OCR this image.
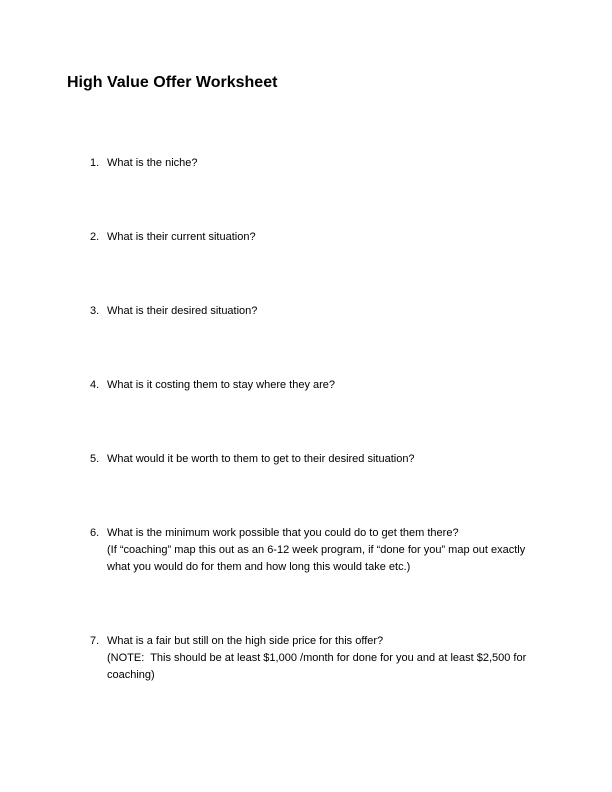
High Value Offer Worksheet
1. What is the niche?
2. What is their current situation?
3. What is their desired situation?
4. What is it costing them to stay where they are?
5. What would it be worth to them to get to their desired situation?
6. What is the minimum work possible that you could do to get them there?
(If “coaching” map this out as an 6-12 week program, if “done for you” map out exactly
what you would do for them and how long this would take etc.)
7. What is a fair but still on the high side price for this offer?
(NOTE:  This should be at least $1,000 /month for done for you and at least $2,500 for
coaching)
